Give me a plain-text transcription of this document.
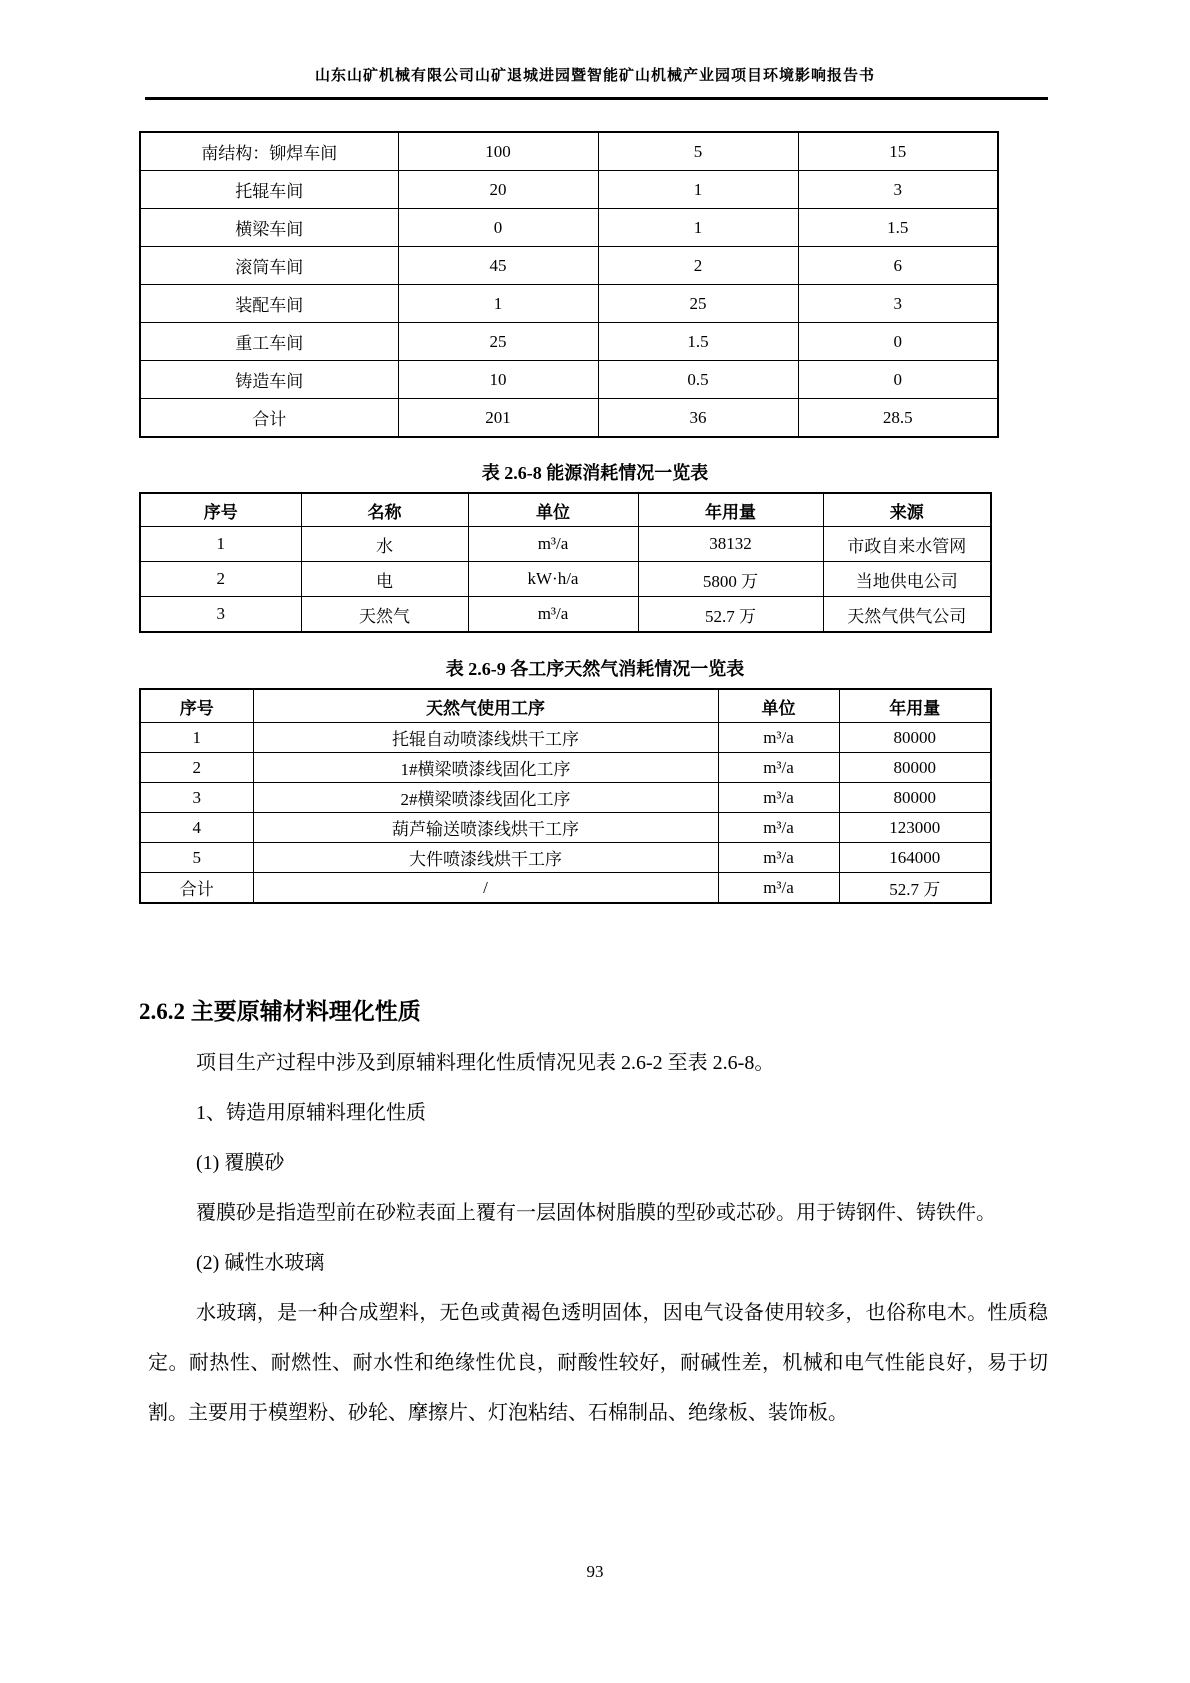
山东山矿机械有限公司山矿退城进园暨智能矿山机械产业园项目环境影响报告书
南结构：铆焊车间	100	5	15
托辊车间	20	1	3
横梁车间	0	1	1.5
滚筒车间	45	2	6
装配车间	1	25	3
重工车间	25	1.5	0
铸造车间	10	0.5	0
合计	201	36	28.5
表 2.6-8 能源消耗情况一览表
序号	名称	单位	年用量	来源
1	水	m³/a	38132	市政自来水管网
2	电	kW·h/a	5800 万	当地供电公司
3	天然气	m³/a	52.7 万	天然气供气公司
表 2.6-9 各工序天然气消耗情况一览表
序号	天然气使用工序	单位	年用量
1	托辊自动喷漆线烘干工序	m³/a	80000
2	1#横梁喷漆线固化工序	m³/a	80000
3	2#横梁喷漆线固化工序	m³/a	80000
4	葫芦输送喷漆线烘干工序	m³/a	123000
5	大件喷漆线烘干工序	m³/a	164000
合计	/	m³/a	52.7 万
2.6.2 主要原辅材料理化性质

项目生产过程中涉及到原辅料理化性质情况见表 2.6-2 至表 2.6-8。

1、铸造用原辅料理化性质

(1) 覆膜砂

覆膜砂是指造型前在砂粒表面上覆有一层固体树脂膜的型砂或芯砂。用于铸钢件、铸铁件。

(2) 碱性水玻璃

水玻璃，是一种合成塑料，无色或黄褐色透明固体，因电气设备使用较多，也俗称电木。性质稳定。耐热性、耐燃性、耐水性和绝缘性优良，耐酸性较好，耐碱性差，机械和电气性能良好，易于切割。主要用于模塑粉、砂轮、摩擦片、灯泡粘结、石棉制品、绝缘板、装饰板。

93
